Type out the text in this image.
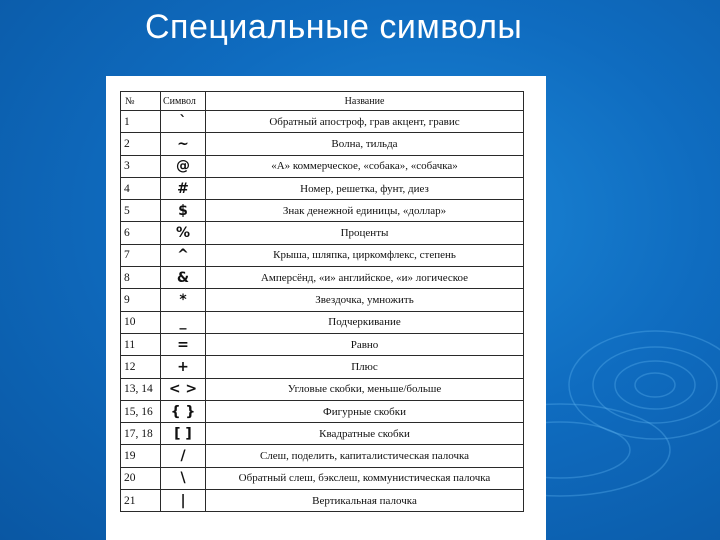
Специальные символы
№	Символ	Название
1	`	Обратный апостроф, грав акцент, гравис
2	~	Волна, тильда
3	@	«А» коммерческое, «собака», «собачка»
4	#	Номер, решетка, фунт, диез
5	$	Знак денежной единицы, «доллар»
6	%	Проценты
7	^	Крыша, шляпка, циркомфлекс, степень
8	&	Амперсёнд, «и» английское, «и» логическое
9	*	Звездочка, умножить
10	_	Подчеркивание
11	=	Равно
12	+	Плюс
13, 14	< >	Угловые скобки, меньше/больше
15, 16	{ }	Фигурные скобки
17, 18	[ ]	Квадратные скобки
19	/	Слеш, поделить, капиталистическая палочка
20	\	Обратный слеш, бэкслеш, коммунистическая палочка
21	|	Вертикальная палочка
